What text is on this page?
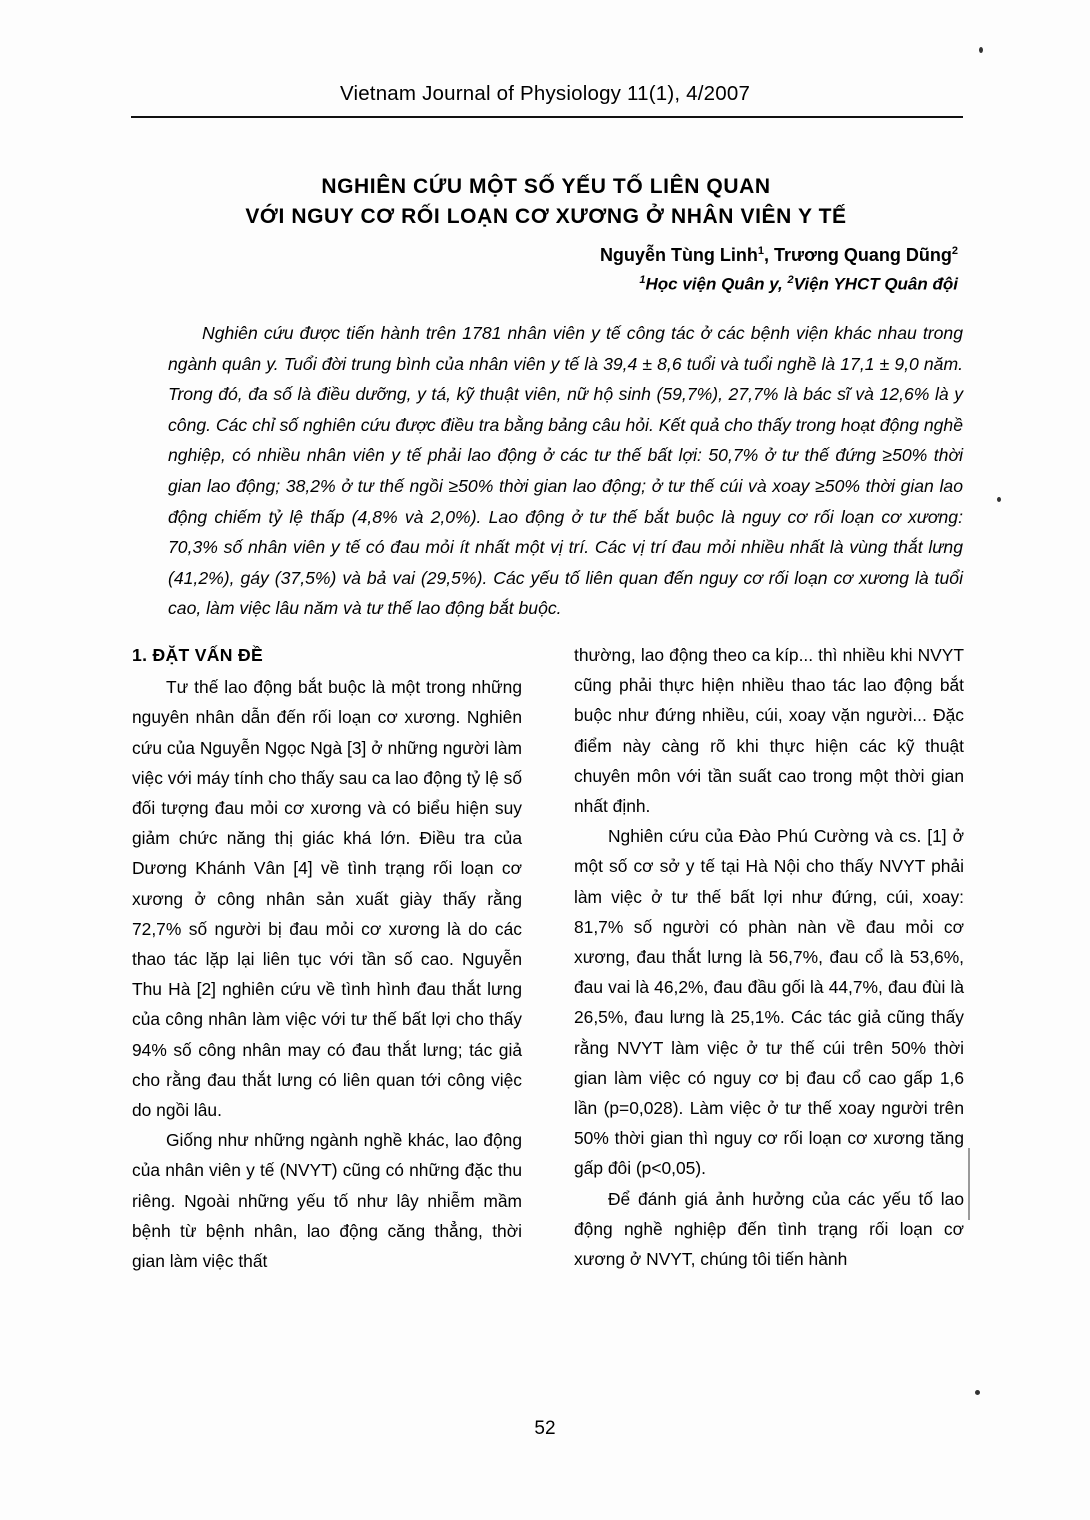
Vietnam Journal of Physiology 11(1), 4/2007
NGHIÊN CỨU MỘT SỐ YẾU TỐ LIÊN QUAN
VỚI NGUY CƠ RỐI LOẠN CƠ XƯƠNG Ở NHÂN VIÊN Y TẾ
Nguyễn Tùng Linh$^1$, Trương Quang Dũng$^2$
$^1$Học viện Quân y, $^2$Viện YHCT Quân đội
Nghiên cứu được tiến hành trên 1781 nhân viên y tế công tác ở các bệnh viện khác nhau trong ngành quân y. Tuổi đời trung bình của nhân viên y tế là 39,4 ± 8,6 tuổi và tuổi nghề là 17,1 ± 9,0 năm. Trong đó, đa số là điều dưỡng, y tá, kỹ thuật viên, nữ hộ sinh (59,7%), 27,7% là bác sĩ và 12,6% là y công. Các chỉ số nghiên cứu được điều tra bằng bảng câu hỏi. Kết quả cho thấy trong hoạt động nghề nghiệp, có nhiều nhân viên y tế phải lao động ở các tư thế bất lợi: 50,7% ở tư thế đứng ≥50% thời gian lao động; 38,2% ở tư thế ngồi ≥50% thời gian lao động; ở tư thế cúi và xoay ≥50% thời gian lao động chiếm tỷ lệ thấp (4,8% và 2,0%). Lao động ở tư thế bắt buộc là nguy cơ rối loạn cơ xương: 70,3% số nhân viên y tế có đau mỏi ít nhất một vị trí. Các vị trí đau mỏi nhiều nhất là vùng thắt lưng (41,2%), gáy (37,5%) và bả vai (29,5%). Các yếu tố liên quan đến nguy cơ rối loạn cơ xương là tuổi cao, làm việc lâu năm và tư thế lao động bắt buộc.
1. ĐẶT VẤN ĐỀ

Tư thế lao động bắt buộc là một trong những nguyên nhân dẫn đến rối loạn cơ xương. Nghiên cứu của Nguyễn Ngọc Ngà [3] ở những người làm việc với máy tính cho thấy sau ca lao động tỷ lệ số đối tượng đau mỏi cơ xương và có biểu hiện suy giảm chức năng thị giác khá lớn. Điều tra của Dương Khánh Vân [4] về tình trạng rối loạn cơ xương ở công nhân sản xuất giày thấy rằng 72,7% số người bị đau mỏi cơ xương là do các thao tác lặp lại liên tục với tần số cao. Nguyễn Thu Hà [2] nghiên cứu về tình hình đau thắt lưng của công nhân làm việc với tư thế bất lợi cho thấy 94% số công nhân may có đau thắt lưng; tác giả cho rằng đau thắt lưng có liên quan tới công việc do ngồi lâu.

Giống như những ngành nghề khác, lao động của nhân viên y tế (NVYT) cũng có những đặc thu riêng. Ngoài những yếu tố như lây nhiễm mầm bệnh từ bệnh nhân, lao động căng thẳng, thời gian làm việc thất

thường, lao động theo ca kíp... thì nhiều khi NVYT cũng phải thực hiện nhiều thao tác lao động bắt buộc như đứng nhiều, cúi, xoay vặn người... Đặc điểm này càng rõ khi thực hiện các kỹ thuật chuyên môn với tần suất cao trong một thời gian nhất định.

Nghiên cứu của Đào Phú Cường và cs. [1] ở một số cơ sở y tế tại Hà Nội cho thấy NVYT phải làm việc ở tư thế bất lợi như đứng, cúi, xoay: 81,7% số người có phàn nàn về đau mỏi cơ xương, đau thắt lưng là 56,7%, đau cổ là 53,6%, đau vai là 46,2%, đau đầu gối là 44,7%, đau đùi là 26,5%, đau lưng là 25,1%. Các tác giả cũng thấy rằng NVYT làm việc ở tư thế cúi trên 50% thời gian làm việc có nguy cơ bị đau cổ cao gấp 1,6 lần (p=0,028). Làm việc ở tư thế xoay người trên 50% thời gian thì nguy cơ rối loạn cơ xương tăng gấp đôi (p<0,05).

Để đánh giá ảnh hưởng của các yếu tố lao động nghề nghiệp đến tình trạng rối loạn cơ xương ở NVYT, chúng tôi tiến hành

52
